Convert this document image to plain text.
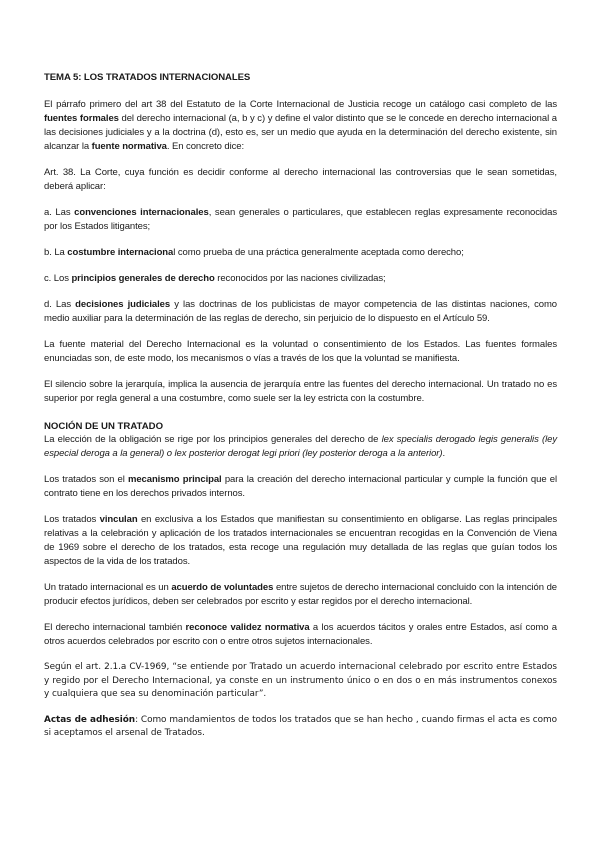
TEMA 5: LOS TRATADOS INTERNACIONALES

El párrafo primero del art 38 del Estatuto de la Corte Internacional de Justicia recoge un catálogo casi completo de las fuentes formales del derecho internacional (a, b y c) y define el valor distinto que se le concede en derecho internacional a las decisiones judiciales y a la doctrina (d), esto es, ser un medio que ayuda en la determinación del derecho existente, sin alcanzar la fuente normativa. En concreto dice:

Art. 38. La Corte, cuya función es decidir conforme al derecho internacional las controversias que le sean sometidas, deberá aplicar:

a. Las convenciones internacionales, sean generales o particulares, que establecen reglas expresamente reconocidas por los Estados litigantes;

b. La costumbre internacional como prueba de una práctica generalmente aceptada como derecho;

c. Los principios generales de derecho reconocidos por las naciones civilizadas;

d. Las decisiones judiciales y las doctrinas de los publicistas de mayor competencia de las distintas naciones, como medio auxiliar para la determinación de las reglas de derecho, sin perjuicio de lo dispuesto en el Artículo 59.

La fuente material del Derecho Internacional es la voluntad o consentimiento de los Estados. Las fuentes formales enunciadas son, de este modo, los mecanismos o vías a través de los que la voluntad se manifiesta.

El silencio sobre la jerarquía, implica la ausencia de jerarquía entre las fuentes del derecho internacional. Un tratado no es superior por regla general a una costumbre, como suele ser la ley estricta con la costumbre.

NOCIÓN DE UN TRATADO

La elección de la obligación se rige por los principios generales del derecho de lex specialis derogado legis generalis (ley especial deroga a la general) o lex posterior derogat legi priori (ley posterior deroga a la anterior).

Los tratados son el mecanismo principal para la creación del derecho internacional particular y cumple la función que el contrato tiene en los derechos privados internos.

Los tratados vinculan en exclusiva a los Estados que manifiestan su consentimiento en obligarse. Las reglas principales relativas a la celebración y aplicación de los tratados internacionales se encuentran recogidas en la Convención de Viena de 1969 sobre el derecho de los tratados, esta recoge una regulación muy detallada de las reglas que guían todos los aspectos de la vida de los tratados.

Un tratado internacional es un acuerdo de voluntades entre sujetos de derecho internacional concluido con la intención de producir efectos jurídicos, deben ser celebrados por escrito y estar regidos por el derecho internacional.

El derecho internacional también reconoce validez normativa a los acuerdos tácitos y orales entre Estados, así como a otros acuerdos celebrados por escrito con o entre otros sujetos internacionales.

Según el art. 2.1.a CV-1969, “se entiende por Tratado un acuerdo internacional celebrado por escrito entre Estados y regido por el Derecho Internacional, ya conste en un instrumento único o en dos o en más instrumentos conexos y cualquiera que sea su denominación particular”.

Actas de adhesión: Como mandamientos de todos los tratados que se han hecho , cuando firmas el acta es como si aceptamos el arsenal de Tratados.
